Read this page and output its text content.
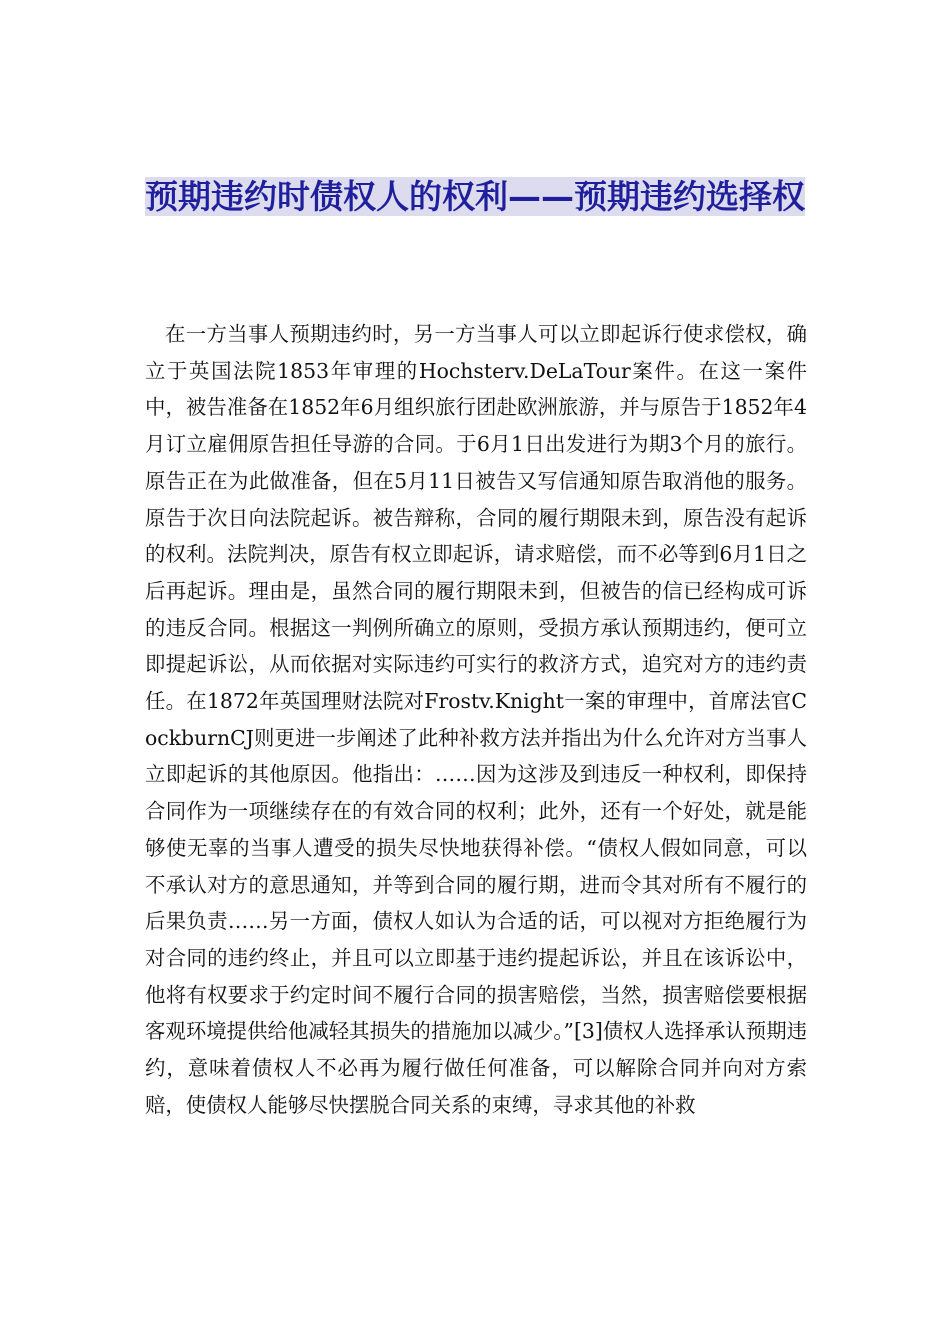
预期违约时债权人的权利——预期违约选择权

在一方当事人预期违约时，另一方当事人可以立即起诉行使求偿权，确立于英国法院1853年审理的Hochsterv.DeLaTour案件。在这一案件中，被告准备在1852年6月组织旅行团赴欧洲旅游，并与原告于1852年4月订立雇佣原告担任导游的合同。于6月1日出发进行为期3个月的旅行。原告正在为此做准备，但在5月11日被告又写信通知原告取消他的服务。原告于次日向法院起诉。被告辩称，合同的履行期限未到，原告没有起诉的权利。法院判决，原告有权立即起诉，请求赔偿，而不必等到6月1日之后再起诉。理由是，虽然合同的履行期限未到，但被告的信已经构成可诉的违反合同。根据这一判例所确立的原则，受损方承认预期违约，便可立即提起诉讼，从而依据对实际违约可实行的救济方式，追究对方的违约责任。在1872年英国理财法院对Frostv.Knight一案的审理中，首席法官CockburnCJ则更进一步阐述了此种补救方法并指出为什么允许对方当事人立即起诉的其他原因。他指出：……因为这涉及到违反一种权利，即保持合同作为一项继续存在的有效合同的权利；此外，还有一个好处，就是能够使无辜的当事人遭受的损失尽快地获得补偿。“债权人假如同意，可以不承认对方的意思通知，并等到合同的履行期，进而令其对所有不履行的后果负责……另一方面，债权人如认为合适的话，可以视对方拒绝履行为对合同的违约终止，并且可以立即基于违约提起诉讼，并且在该诉讼中，他将有权要求于约定时间不履行合同的损害赔偿，当然，损害赔偿要根据客观环境提供给他减轻其损失的措施加以减少。”[3]债权人选择承认预期违约，意味着债权人不必再为履行做任何准备，可以解除合同并向对方索赔，使债权人能够尽快摆脱合同关系的束缚，寻求其他的补救
